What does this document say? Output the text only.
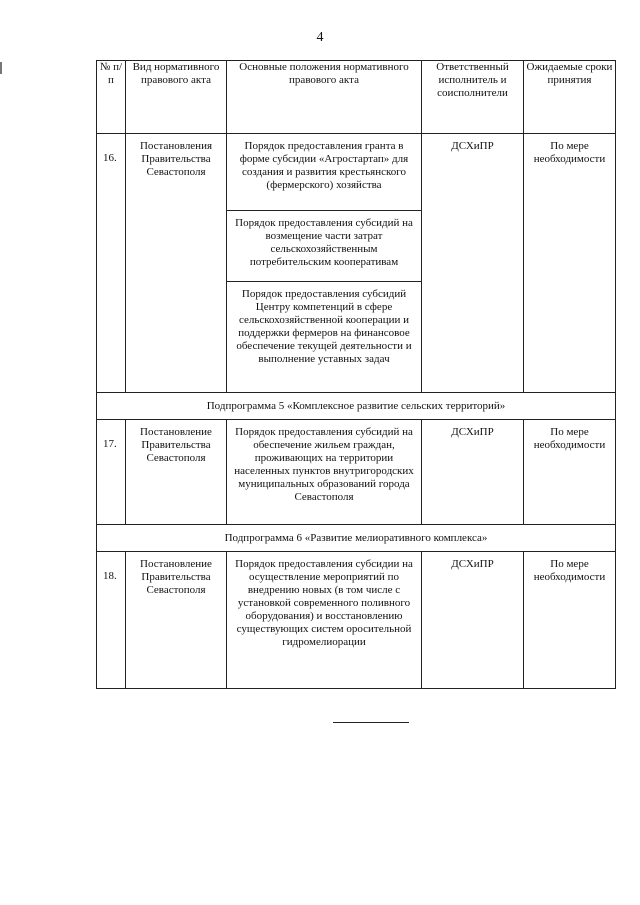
4
№ п/п	Вид нормативного правового акта	Основные положения нормативного правового акта	Ответственный исполнитель и соисполнители	Ожидаемые сроки принятия
16.	Постановления Правительства Севастополя	Порядок предоставления гранта в форме субсидии «Агростартап» для создания и развития крестьянского (фермерского) хозяйства	ДСХиПР	По мере необходимости
		Порядок предоставления субсидий на возмещение части затрат сельскохозяйственным потребительским кооперативам		
		Порядок предоставления субсидий Центру компетенций в сфере сельскохозяйственной кооперации и поддержки фермеров на финансовое обеспечение текущей деятельности и выполнение уставных задач		
Подпрограмма 5 «Комплексное развитие сельских территорий»				
17.	Постановление Правительства Севастополя	Порядок предоставления субсидий на обеспечение жильем граждан, проживающих на территории населенных пунктов внутригородских муниципальных образований города Севастополя	ДСХиПР	По мере необходимости
Подпрограмма 6 «Развитие мелиоративного комплекса»				
18.	Постановление Правительства Севастополя	Порядок предоставления субсидии на осуществление мероприятий по внедрению новых (в том числе с установкой современного поливного оборудования) и восстановлению существующих систем оросительной гидромелиорации	ДСХиПР	По мере необходимости
